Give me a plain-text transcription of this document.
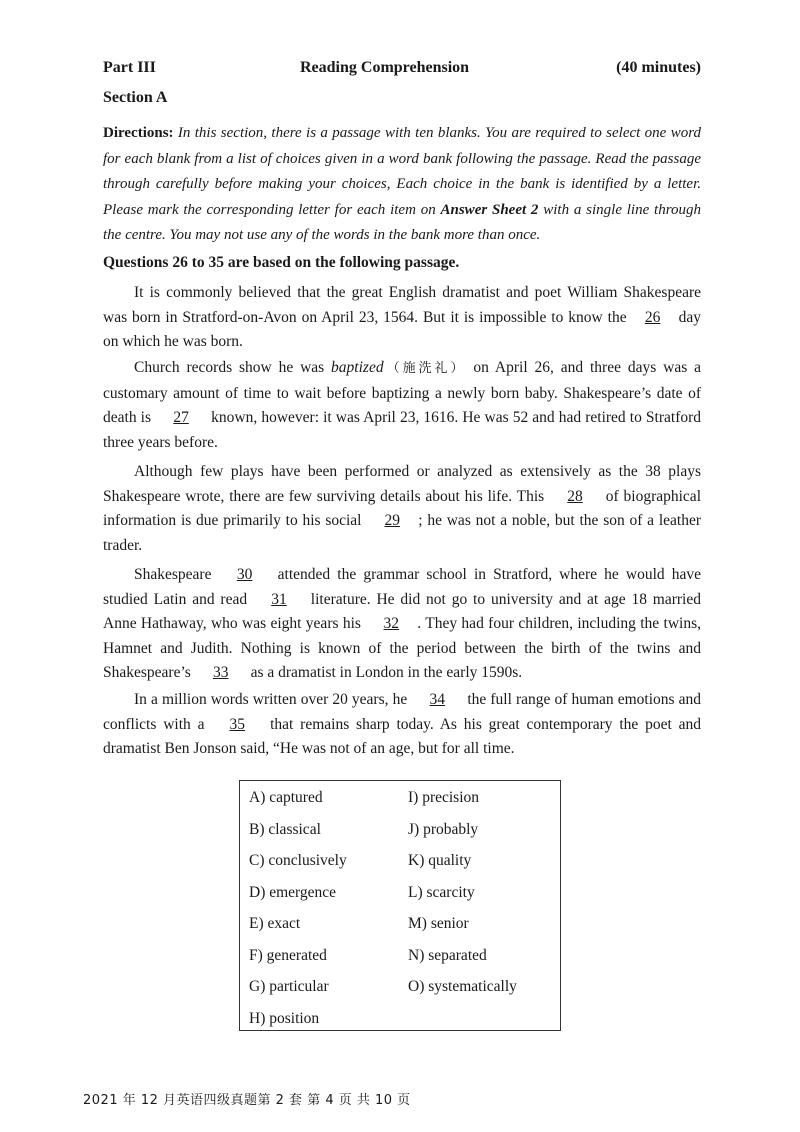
Part III	Reading Comprehension	(40 minutes)
Section A
Directions: In this section, there is a passage with ten blanks. You are required to select one word for each blank from a list of choices given in a word bank following the passage. Read the passage through carefully before making your choices, Each choice in the bank is identified by a letter. Please mark the corresponding letter for each item on Answer Sheet 2 with a single line through the centre. You may not use any of the words in the bank more than once.
Questions 26 to 35 are based on the following passage.

It is commonly believed that the great English dramatist and poet William Shakespeare was born in Stratford-on-Avon on April 23, 1564. But it is impossible to know the 26 day on which he was born.

Church records show he was baptized（施洗礼） on April 26, and three days was a customary amount of time to wait before baptizing a newly born baby. Shakespeare’s date of death is 27 known, however: it was April 23, 1616. He was 52 and had retired to Stratford three years before.

Although few plays have been performed or analyzed as extensively as the 38 plays Shakespeare wrote, there are few surviving details about his life. This 28 of biographical information is due primarily to his social 29 ; he was not a noble, but the son of a leather trader.

Shakespeare 30 attended the grammar school in Stratford, where he would have studied Latin and read 31 literature. He did not go to university and at age 18 married Anne Hathaway, who was eight years his 32 . They had four children, including the twins, Hamnet and Judith. Nothing is known of the period between the birth of the twins and Shakespeare’s 33 as a dramatist in London in the early 1590s.

In a million words written over 20 years, he 34 the full range of human emotions and conflicts with a 35 that remains sharp today. As his great contemporary the poet and dramatist Ben Jonson said, “He was not of an age, but for all time.

A) captured
B) classical
C) conclusively
D) emergence
E) exact
F) generated
G) particular
H) position
I) precision
J) probably
K) quality
L) scarcity
M) senior
N) separated
O) systematically
2021 年 12 月英语四级真题第 2 套 第 4 页 共 10 页
